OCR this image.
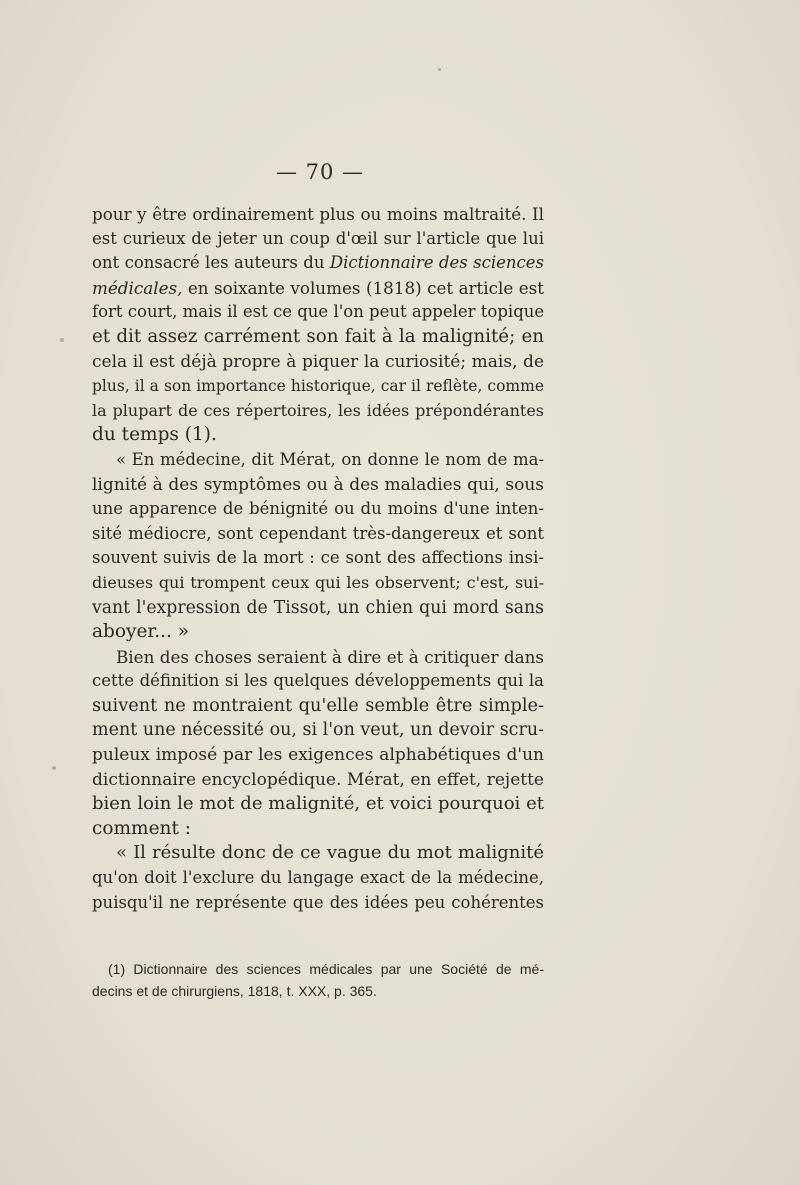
— 70 —
pour y être ordinairement plus ou moins maltraité. Il
est curieux de jeter un coup d'œil sur l'article que lui
ont consacré les auteurs du Dictionnaire des sciences
médicales, en soixante volumes (1818) cet article est
fort court, mais il est ce que l'on peut appeler topique
et dit assez carrément son fait à la malignité; en
cela il est déjà propre à piquer la curiosité; mais, de
plus, il a son importance historique, car il reflète, comme
la plupart de ces répertoires, les idées prépondérantes
du temps (1).
« En médecine, dit Mérat, on donne le nom de ma-
lignité à des symptômes ou à des maladies qui, sous
une apparence de bénignité ou du moins d'une inten-
sité médiocre, sont cependant très-dangereux et sont
souvent suivis de la mort : ce sont des affections insi-
dieuses qui trompent ceux qui les observent; c'est, sui-
vant l'expression de Tissot, un chien qui mord sans
aboyer... »
Bien des choses seraient à dire et à critiquer dans
cette définition si les quelques développements qui la
suivent ne montraient qu'elle semble être simple-
ment une nécessité ou, si l'on veut, un devoir scru-
puleux imposé par les exigences alphabétiques d'un
dictionnaire encyclopédique. Mérat, en effet, rejette
bien loin le mot de malignité, et voici pourquoi et
comment :
« Il résulte donc de ce vague du mot malignité
qu'on doit l'exclure du langage exact de la médecine,
puisqu'il ne représente que des idées peu cohérentes
(1) Dictionnaire des sciences médicales par une Société de mé-
decins et de chirurgiens, 1818, t. XXX, p. 365.
